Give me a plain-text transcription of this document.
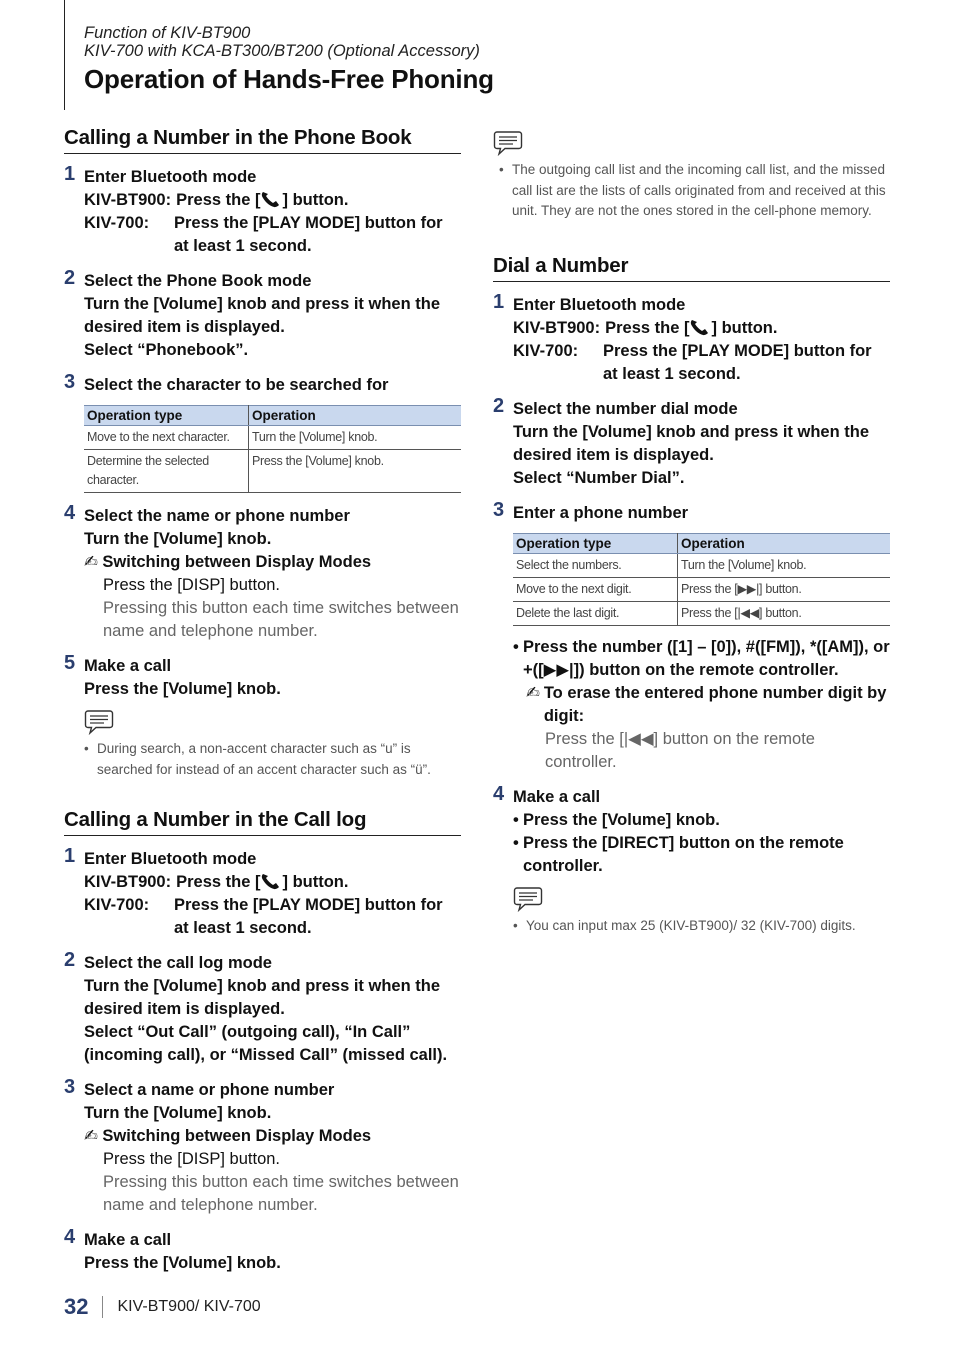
Function of KIV-BT900
KIV-700 with KCA-BT300/BT200 (Optional Accessory)
Operation of Hands-Free Phoning
Calling a Number in the Phone Book
1 Enter Bluetooth mode
KIV-BT900: Press the [ ] button.
KIV-700:	Press the [PLAY MODE] button for at least 1 second.
2 Select the Phone Book mode
Turn the [Volume] knob and press it when the desired item is displayed.
Select “Phonebook”.
3 Select the character to be searched for
Operation type	Operation
Move to the next character.	Turn the [Volume] knob.
Determine the selected character.	Press the [Volume] knob.
4 Select the name or phone number
Turn the [Volume] knob.
✍ Switching between Display Modes
Press the [DISP] button.
Pressing this button each time switches between name and telephone number.
5 Make a call
Press the [Volume] knob.
• During search, a non-accent character such as “u” is searched for instead of an accent character such as “ü”.
Calling a Number in the Call log
1 Enter Bluetooth mode
KIV-BT900: Press the [ ] button.
KIV-700:	Press the [PLAY MODE] button for at least 1 second.
2 Select the call log mode
Turn the [Volume] knob and press it when the desired item is displayed.
Select “Out Call” (outgoing call), “In Call” (incoming call), or “Missed Call” (missed call).
3 Select a name or phone number
Turn the [Volume] knob.
✍ Switching between Display Modes
Press the [DISP] button.
Pressing this button each time switches between name and telephone number.
4 Make a call
Press the [Volume] knob.
• The outgoing call list and the incoming call list, and the missed call list are the lists of calls originated from and received at this unit. They are not the ones stored in the cell-phone memory.
Dial a Number
1 Enter Bluetooth mode
KIV-BT900: Press the [ ] button.
KIV-700:	Press the [PLAY MODE] button for at least 1 second.
2 Select the number dial mode
Turn the [Volume] knob and press it when the desired item is displayed.
Select “Number Dial”.
3 Enter a phone number
Operation type	Operation
Select the numbers.	Turn the [Volume] knob.
Move to the next digit.	Press the [▶▶|] button.
Delete the last digit.	Press the [|◀◀] button.
• Press the number ([1] – [0]), #([FM]), *([AM]), or +([▶▶|]) button on the remote controller.
✍ To erase the entered phone number digit by digit:
Press the [|◀◀] button on the remote controller.
4 Make a call
• Press the [Volume] knob.
• Press the [DIRECT] button on the remote controller.
• You can input max 25 (KIV-BT900)/ 32 (KIV-700) digits.
32 KIV-BT900/ KIV-700
